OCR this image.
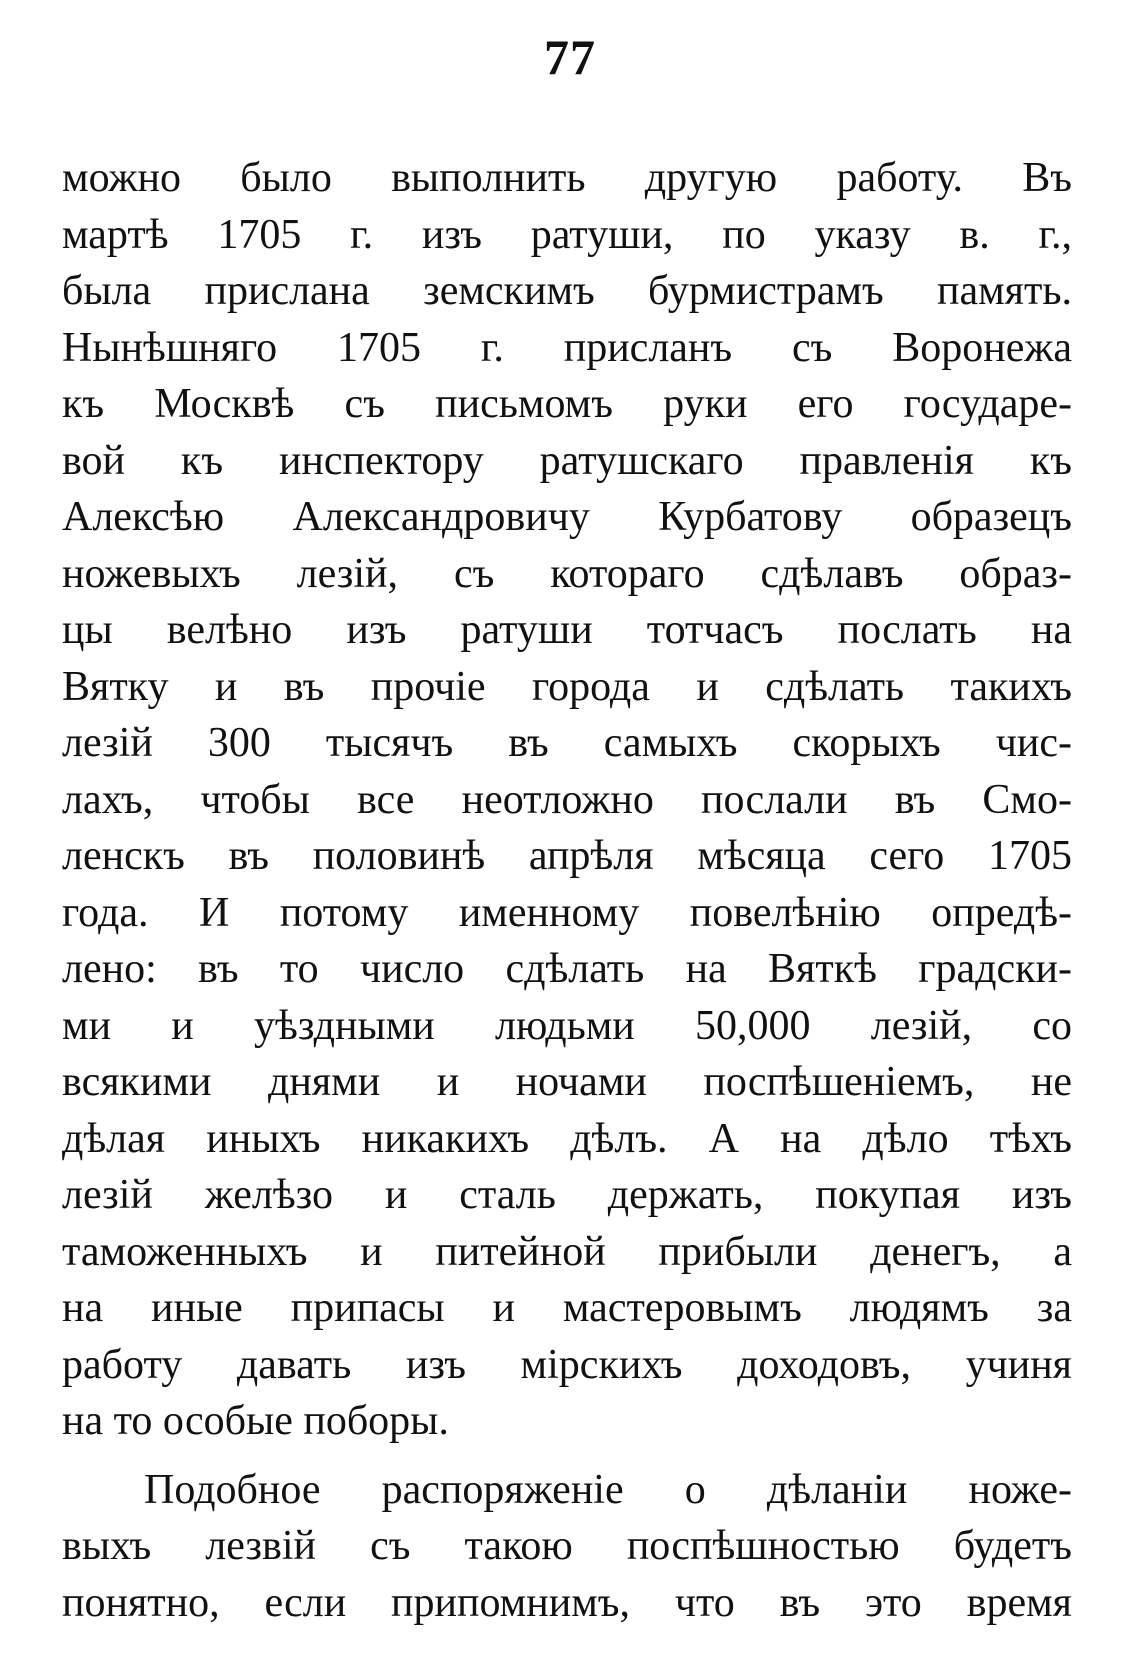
77
можно было выполнить другую работу. Въ
мартѣ 1705 г. изъ ратуши, по указу в. г.,
была прислана земскимъ бурмистрамъ память.
Нынѣшняго 1705 г. присланъ съ Воронежа
къ Москвѣ съ письмомъ руки его государе-
вой къ инспектору ратушскаго правленія къ
Алексѣю Александровичу Курбатову образецъ
ножевыхъ лезій, съ котораго сдѣлавъ образ-
цы велѣно изъ ратуши тотчасъ послать на
Вятку и въ прочіе города и сдѣлать такихъ
лезій 300 тысячъ въ самыхъ скорыхъ чис-
лахъ, чтобы все неотложно послали въ Смо-
ленскъ въ половинѣ апрѣля мѣсяца сего 1705
года. И потому именному повелѣнію опредѣ-
лено: въ то число сдѣлать на Вяткѣ градски-
ми и уѣздными людьми 50,000 лезій, со
всякими днями и ночами поспѣшеніемъ, не
дѣлая иныхъ никакихъ дѣлъ. А на дѣло тѣхъ
лезій желѣзо и сталь держать, покупая изъ
таможенныхъ и питейной прибыли денегъ, а
на иные припасы и мастеровымъ людямъ за
работу давать изъ мірскихъ доходовъ, учиня
на то особые поборы.
Подобное распоряженіе о дѣланіи ноже-
выхъ лезвій съ такою поспѣшностью будетъ
понятно, если припомнимъ, что въ это время
